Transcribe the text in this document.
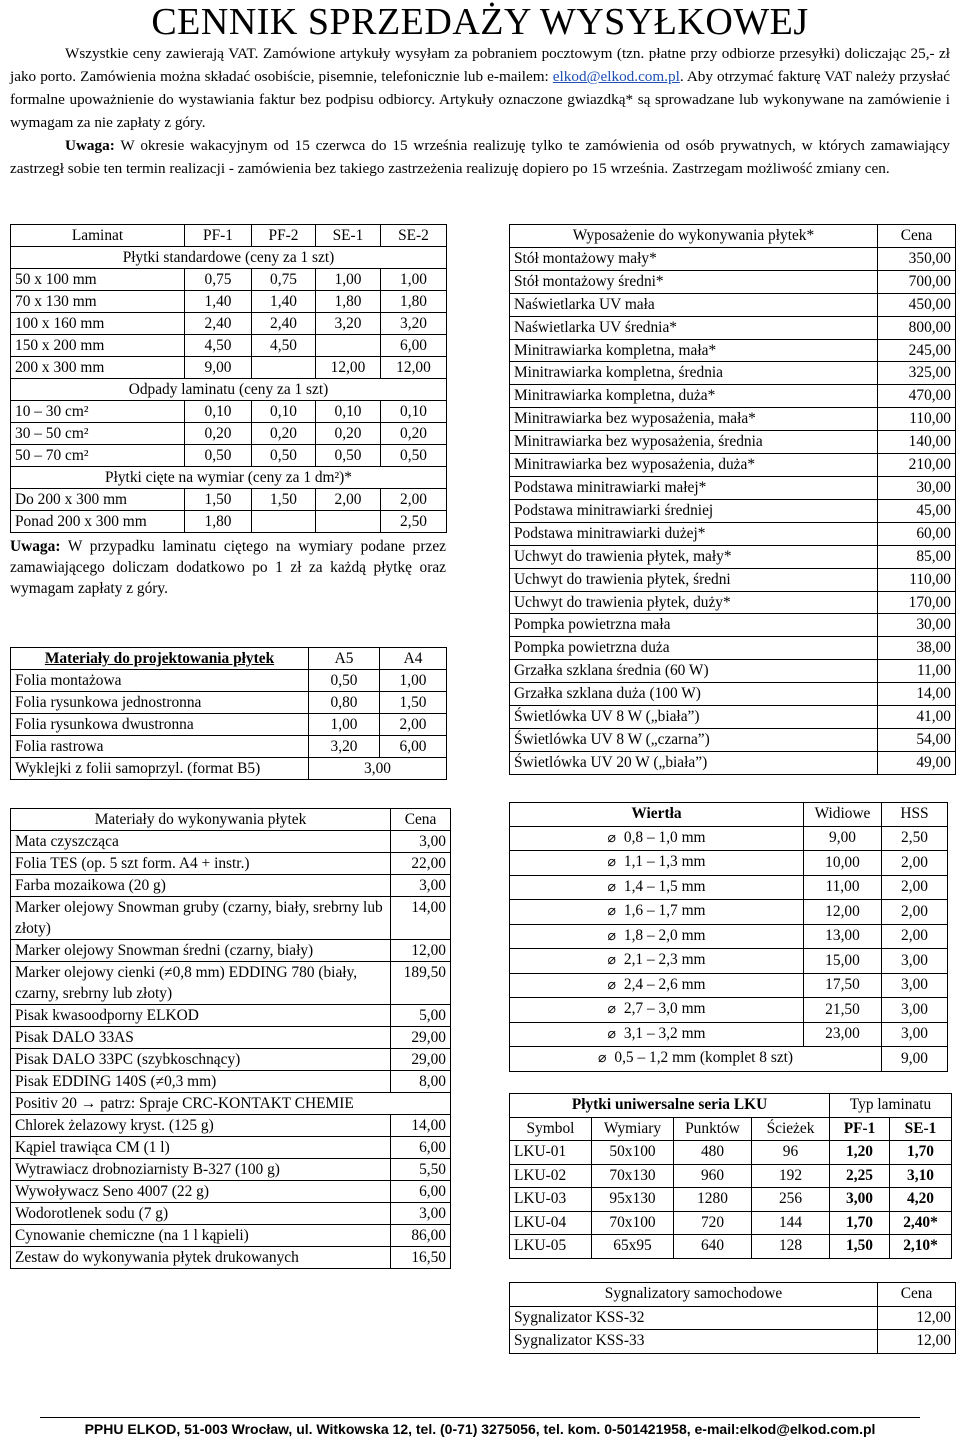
CENNIK SPRZEDAŻY WYSYŁKOWEJ

Wszystkie ceny zawierają VAT. Zamówione artykuły wysyłam za pobraniem pocztowym (tzn. płatne przy odbiorze przesyłki) doliczając 25,- zł jako porto. Zamówienia można składać osobiście, pisemnie, telefonicznie lub e-mailem: elkod@elkod.com.pl. Aby otrzymać fakturę VAT należy przysłać formalne upoważnienie do wystawiania faktur bez podpisu odbiorcy. Artykuły oznaczone gwiazdką* są sprowadzane lub wykonywane na zamówienie i wymagam za nie zapłaty z góry.

Uwaga: W okresie wakacyjnym od 15 czerwca do 15 września realizuję tylko te zamówienia od osób prywatnych, w których zamawiający zastrzegł sobie ten termin realizacji - zamówienia bez takiego zastrzeżenia realizuję dopiero po 15 września. Zastrzegam możliwość zmiany cen.

Laminat	PF-1	PF-2	SE-1	SE-2
Płytki standardowe (ceny za 1 szt)				
50 x 100 mm	0,75	0,75	1,00	1,00
70 x 130 mm	1,40	1,40	1,80	1,80
100 x 160 mm	2,40	2,40	3,20	3,20
150 x 200 mm	4,50	4,50		6,00
200 x 300 mm	9,00		12,00	12,00
Odpady laminatu (ceny za 1 szt)				
10 – 30 cm²	0,10	0,10	0,10	0,10
30 – 50 cm²	0,20	0,20	0,20	0,20
50 – 70 cm²	0,50	0,50	0,50	0,50
Płytki cięte na wymiar (ceny za 1 dm²)*				
Do 200 x 300 mm	1,50	1,50	2,00	2,00
Ponad 200 x 300 mm	1,80			2,50
Uwaga: W przypadku laminatu ciętego na wymiary podane przez zamawiającego doliczam dodatkowo po 1 zł za każdą płytkę oraz wymagam zapłaty z góry.
Materiały do projektowania płytek	A5	A4
Folia montażowa	0,50	1,00
Folia rysunkowa jednostronna	0,80	1,50
Folia rysunkowa dwustronna	1,00	2,00
Folia rastrowa	3,20	6,00
Wyklejki z folii samoprzyl. (format B5)	3,00	
Materiały do wykonywania płytek	Cena
Mata czyszcząca	3,00
Folia TES (op. 5 szt form. A4 + instr.)	22,00
Farba mozaikowa (20 g)	3,00
Marker olejowy Snowman gruby (czarny, biały, srebrny lub złoty)	14,00
Marker olejowy Snowman średni (czarny, biały)	12,00
Marker olejowy cienki (≠0,8 mm) EDDING 780 (biały, czarny, srebrny lub złoty)	189,50
Pisak kwasoodporny ELKOD	5,00
Pisak DALO 33AS	29,00
Pisak DALO 33PC (szybkoschnący)	29,00
Pisak EDDING 140S (≠0,3 mm)	8,00
Positiv 20 → patrz: Spraje CRC-KONTAKT CHEMIE	
Chlorek żelazowy kryst. (125 g)	14,00
Kąpiel trawiąca CM (1 l)	6,00
Wytrawiacz drobnoziarnisty B-327 (100 g)	5,50
Wywoływacz Seno 4007 (22 g)	6,00
Wodorotlenek sodu (7 g)	3,00
Cynowanie chemiczne (na 1 l kąpieli)	86,00
Zestaw do wykonywania płytek drukowanych	16,50
Wyposażenie do wykonywania płytek*	Cena
Stół montażowy mały*	350,00
Stół montażowy średni*	700,00
Naświetlarka UV mała	450,00
Naświetlarka UV średnia*	800,00
Minitrawiarka kompletna, mała*	245,00
Minitrawiarka kompletna, średnia	325,00
Minitrawiarka kompletna, duża*	470,00
Minitrawiarka bez wyposażenia, mała*	110,00
Minitrawiarka bez wyposażenia, średnia	140,00
Minitrawiarka bez wyposażenia, duża*	210,00
Podstawa minitrawiarki małej*	30,00
Podstawa minitrawiarki średniej	45,00
Podstawa minitrawiarki dużej*	60,00
Uchwyt do trawienia płytek, mały*	85,00
Uchwyt do trawienia płytek, średni	110,00
Uchwyt do trawienia płytek, duży*	170,00
Pompka powietrzna mała	30,00
Pompka powietrzna duża	38,00
Grzałka szklana średnia (60 W)	11,00
Grzałka szklana duża (100 W)	14,00
Świetlówka UV 8 W („biała”)	41,00
Świetlówka UV 8 W („czarna”)	54,00
Świetlówka UV 20 W („biała”)	49,00
Wiertła	Widiowe	HSS
⌀ 0,8 – 1,0 mm	9,00	2,50
⌀ 1,1 – 1,3 mm	10,00	2,00
⌀ 1,4 – 1,5 mm	11,00	2,00
⌀ 1,6 – 1,7 mm	12,00	2,00
⌀ 1,8 – 2,0 mm	13,00	2,00
⌀ 2,1 – 2,3 mm	15,00	3,00
⌀ 2,4 – 2,6 mm	17,50	3,00
⌀ 2,7 – 3,0 mm	21,50	3,00
⌀ 3,1 – 3,2 mm	23,00	3,00
⌀ 0,5 – 1,2 mm (komplet 8 szt)		9,00
Płytki uniwersalne seria LKU				Typ laminatu	
Symbol	Wymiary	Punktów	Ścieżek	PF-1	SE-1
LKU-01	50x100	480	96	1,20	1,70
LKU-02	70x130	960	192	2,25	3,10
LKU-03	95x130	1280	256	3,00	4,20
LKU-04	70x100	720	144	1,70	2,40*
LKU-05	65x95	640	128	1,50	2,10*
Sygnalizatory samochodowe	Cena
Sygnalizator KSS-32	12,00
Sygnalizator KSS-33	12,00
PPHU ELKOD, 51-003 Wrocław, ul. Witkowska 12, tel. (0-71) 3275056, tel. kom. 0-501421958, e-mail:elkod@elkod.com.pl
